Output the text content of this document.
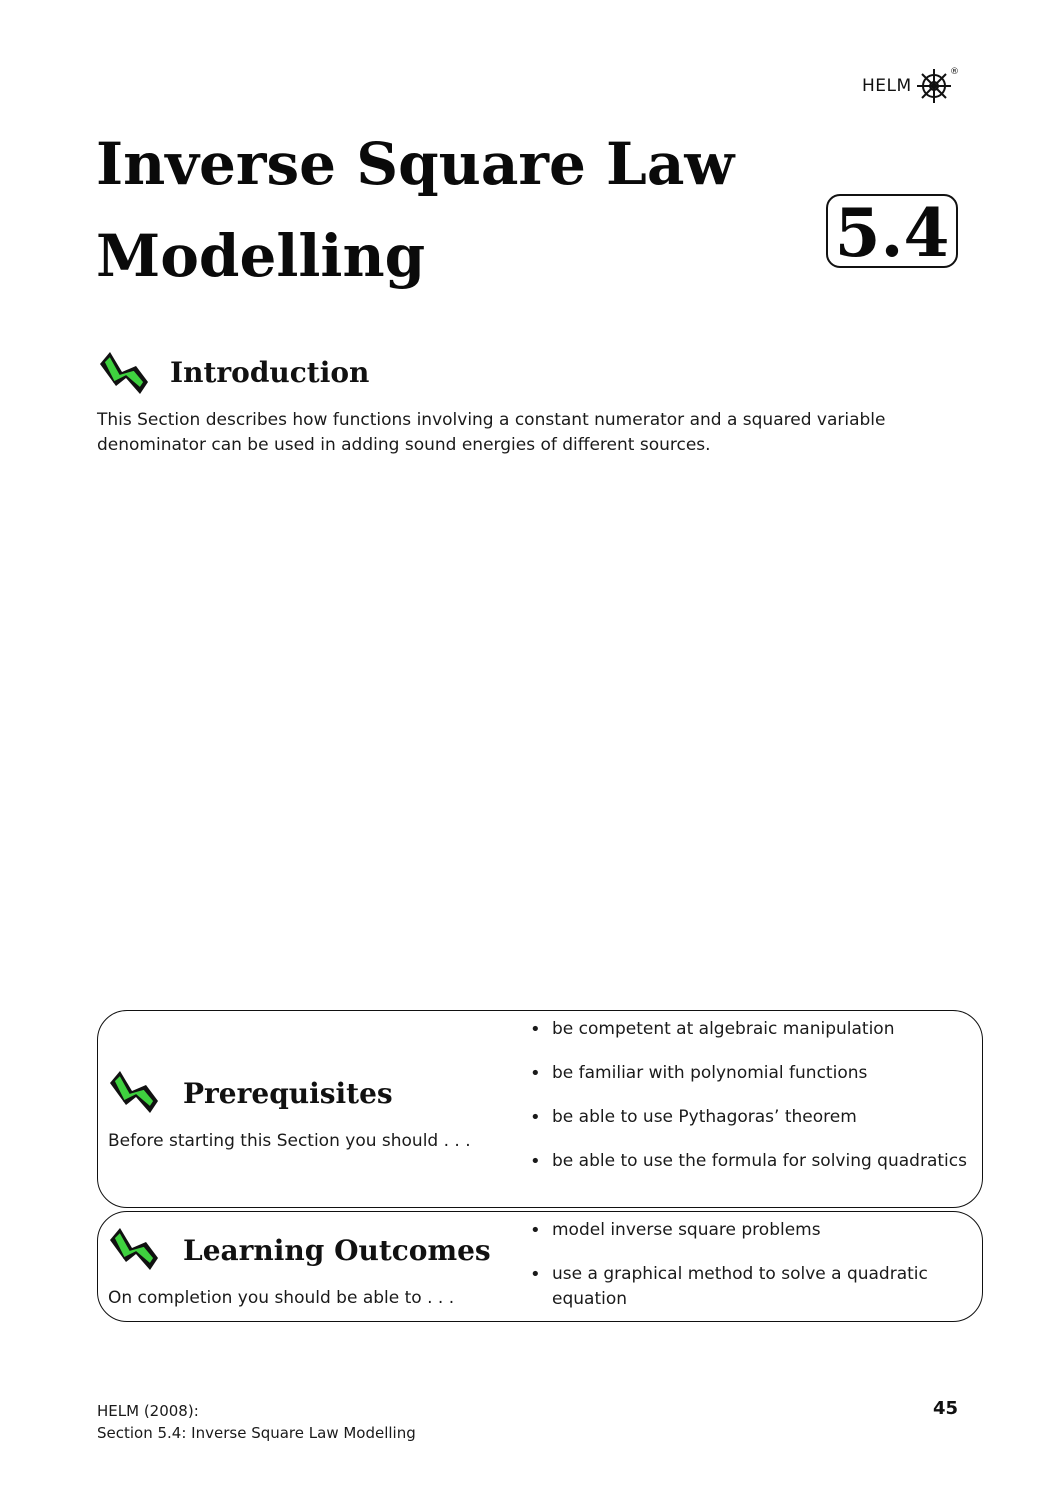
HELM
®
Inverse Square Law
Modelling	5.4
Introduction

This Section describes how functions involving a constant numerator and a squared variable denominator can be used in adding sound energies of different sources.

Prerequisites

Before starting this Section you should . . .

• be competent at algebraic manipulation
• be familiar with polynomial functions
• be able to use Pythagoras’ theorem
• be able to use the formula for solving quadratics
Learning Outcomes

On completion you should be able to . . .

• model inverse square problems
• use a graphical method to solve a quadratic equation
HELM (2008):
Section 5.4: Inverse Square Law Modelling
45
